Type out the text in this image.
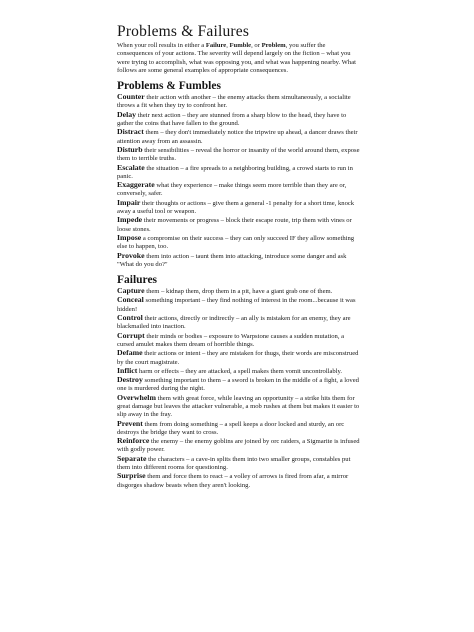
Problems & Failures

When your roll results in either a Failure, Fumble, or Problem, you suffer the consequences of your actions. The severity will depend largely on the fiction – what you were trying to accomplish, what was opposing you, and what was happening nearby. What follows are some general examples of appropriate consequences.

Problems & Fumbles

Counter their action with another – the enemy attacks them simultaneously, a socialite throws a fit when they try to confront her.

Delay their next action – they are stunned from a sharp blow to the head, they have to gather the coins that have fallen to the ground.

Distract them – they don't immediately notice the tripwire up ahead, a dancer draws their attention away from an assassin.

Disturb their sensibilities – reveal the horror or insanity of the world around them, expose them to terrible truths.

Escalate the situation – a fire spreads to a neighboring building, a crowd starts to run in panic.

Exaggerate what they experience – make things seem more terrible than they are or, conversely, safer.

Impair their thoughts or actions – give them a general -1 penalty for a short time, knock away a useful tool or weapon.

Impede their movements or progress – block their escape route, trip them with vines or loose stones.

Impose a compromise on their success – they can only succeed IF they allow something else to happen, too.

Provoke them into action – taunt them into attacking, introduce some danger and ask "What do you do?"

Failures

Capture them – kidnap them, drop them in a pit, have a giant grab one of them.

Conceal something important – they find nothing of interest in the room...because it was hidden!

Control their actions, directly or indirectly – an ally is mistaken for an enemy, they are blackmailed into inaction.

Corrupt their minds or bodies – exposure to Warpstone causes a sudden mutation, a cursed amulet makes them dream of horrible things.

Defame their actions or intent – they are mistaken for thugs, their words are misconstrued by the court magistrate.

Inflict harm or effects – they are attacked, a spell makes them vomit uncontrollably.

Destroy something important to them – a sword is broken in the middle of a fight, a loved one is murdered during the night.

Overwhelm them with great force, while leaving an opportunity – a strike hits them for great damage but leaves the attacker vulnerable, a mob rushes at them but makes it easier to slip away in the fray.

Prevent them from doing something – a spell keeps a door locked and sturdy, an orc destroys the bridge they want to cross.

Reinforce the enemy – the enemy goblins are joined by orc raiders, a Sigmarite is infused with godly power.

Separate the characters – a cave-in splits them into two smaller groups, constables put them into different rooms for questioning.

Surprise them and force them to react – a volley of arrows is fired from afar, a mirror disgorges shadow beasts when they aren't looking.
